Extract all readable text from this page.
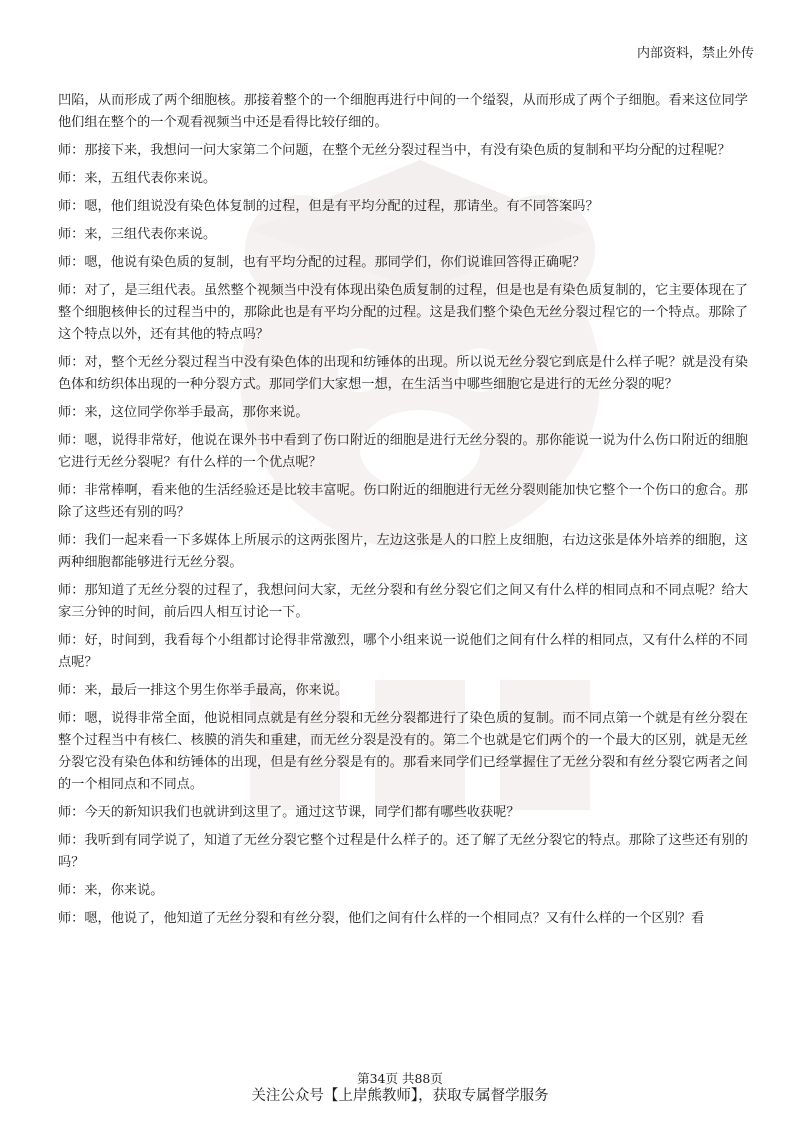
内部资料，禁止外传

凹陷，从而形成了两个细胞核。那接着整个的一个细胞再进行中间的一个缢裂，从而形成了两个子细胞。看来这位同学他们组在整个的一个观看视频当中还是看得比较仔细的。

师：那接下来，我想问一问大家第二个问题，在整个无丝分裂过程当中，有没有染色质的复制和平均分配的过程呢？

师：来，五组代表你来说。

师：嗯，他们组说没有染色体复制的过程，但是有平均分配的过程，那请坐。有不同答案吗？

师：来，三组代表你来说。

师：嗯，他说有染色质的复制，也有平均分配的过程。那同学们，你们说谁回答得正确呢？

师：对了，是三组代表。虽然整个视频当中没有体现出染色质复制的过程，但是也是有染色质复制的，它主要体现在了整个细胞核伸长的过程当中的，那除此也是有平均分配的过程。这是我们整个染色无丝分裂过程它的一个特点。那除了这个特点以外，还有其他的特点吗？

师：对，整个无丝分裂过程当中没有染色体的出现和纺锤体的出现。所以说无丝分裂它到底是什么样子呢？就是没有染色体和纺织体出现的一种分裂方式。那同学们大家想一想，在生活当中哪些细胞它是进行的无丝分裂的呢？

师：来，这位同学你举手最高，那你来说。

师：嗯，说得非常好，他说在课外书中看到了伤口附近的细胞是进行无丝分裂的。那你能说一说为什么伤口附近的细胞它进行无丝分裂呢？有什么样的一个优点呢？

师：非常棒啊，看来他的生活经验还是比较丰富呢。伤口附近的细胞进行无丝分裂则能加快它整个一个伤口的愈合。那除了这些还有别的吗？

师：我们一起来看一下多媒体上所展示的这两张图片，左边这张是人的口腔上皮细胞，右边这张是体外培养的细胞，这两种细胞都能够进行无丝分裂。

师：那知道了无丝分裂的过程了，我想问问大家，无丝分裂和有丝分裂它们之间又有什么样的相同点和不同点呢？给大家三分钟的时间，前后四人相互讨论一下。

师：好，时间到，我看每个小组都讨论得非常激烈，哪个小组来说一说他们之间有什么样的相同点，又有什么样的不同点呢？

师：来，最后一排这个男生你举手最高，你来说。

师：嗯，说得非常全面，他说相同点就是有丝分裂和无丝分裂都进行了染色质的复制。而不同点第一个就是有丝分裂在整个过程当中有核仁、核膜的消失和重建，而无丝分裂是没有的。第二个也就是它们两个的一个最大的区别，就是无丝分裂它没有染色体和纺锤体的出现，但是有丝分裂是有的。那看来同学们已经掌握住了无丝分裂和有丝分裂它两者之间的一个相同点和不同点。

师：今天的新知识我们也就讲到这里了。通过这节课，同学们都有哪些收获呢？

师：我听到有同学说了，知道了无丝分裂它整个过程是什么样子的。还了解了无丝分裂它的特点。那除了这些还有别的吗？

师：来，你来说。

师：嗯，他说了，他知道了无丝分裂和有丝分裂，他们之间有什么样的一个相同点？又有什么样的一个区别？看

第34页 共88页
关注公众号【上岸熊教师】，获取专属督学服务
